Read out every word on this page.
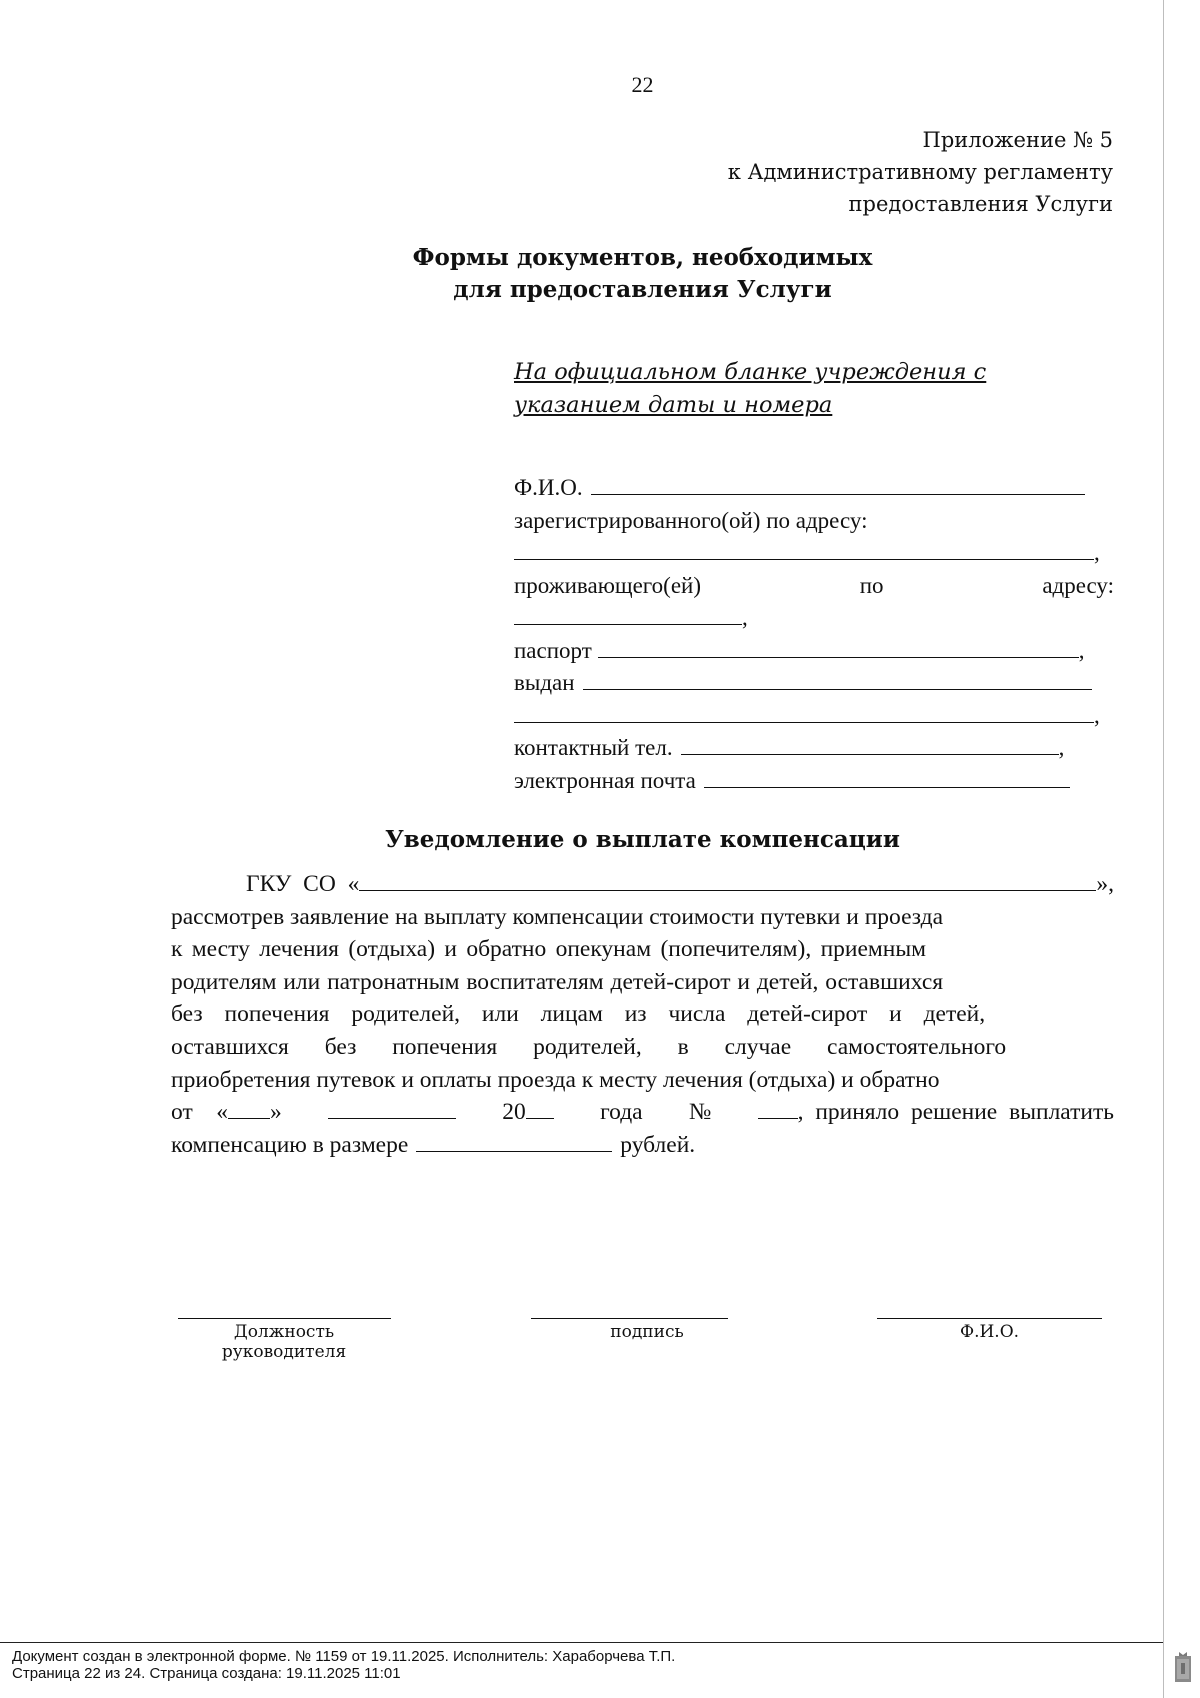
22
Приложение № 5
к Административному регламенту
предоставления Услуги
Формы документов, необходимых
для предоставления Услуги
На официальном бланке учреждения с указанием даты и номера
Ф.И.О.
зарегистрированного(ой) по адресу:
,
проживающего(ей)	по	адресу:
,
паспорт	,
выдан
,
контактный тел.	,
электронная почта
Уведомление о выплате компенсации
ГКУ  СО  «	»,
рассмотрев заявление на выплату компенсации стоимости путевки и проезда
к месту лечения (отдыха) и обратно опекунам (попечителям), приемным
родителям или патронатным воспитателям детей-сирот и детей, оставшихся
без попечения родителей, или лицам из числа детей-сирот и детей,
оставшихся без попечения родителей, в случае самостоятельного
приобретения путевок и оплаты проезда к месту лечения (отдыха) и обратно
от « »	20	года №	, приняло решение выплатить
компенсацию в размере	рублей.
Должность руководителя
подпись	Ф.И.О.
Документ создан в электронной форме. № 1159 от 19.11.2025. Исполнитель: Хараборчева Т.П.
Страница 22 из 24. Страница создана: 19.11.2025 11:01
